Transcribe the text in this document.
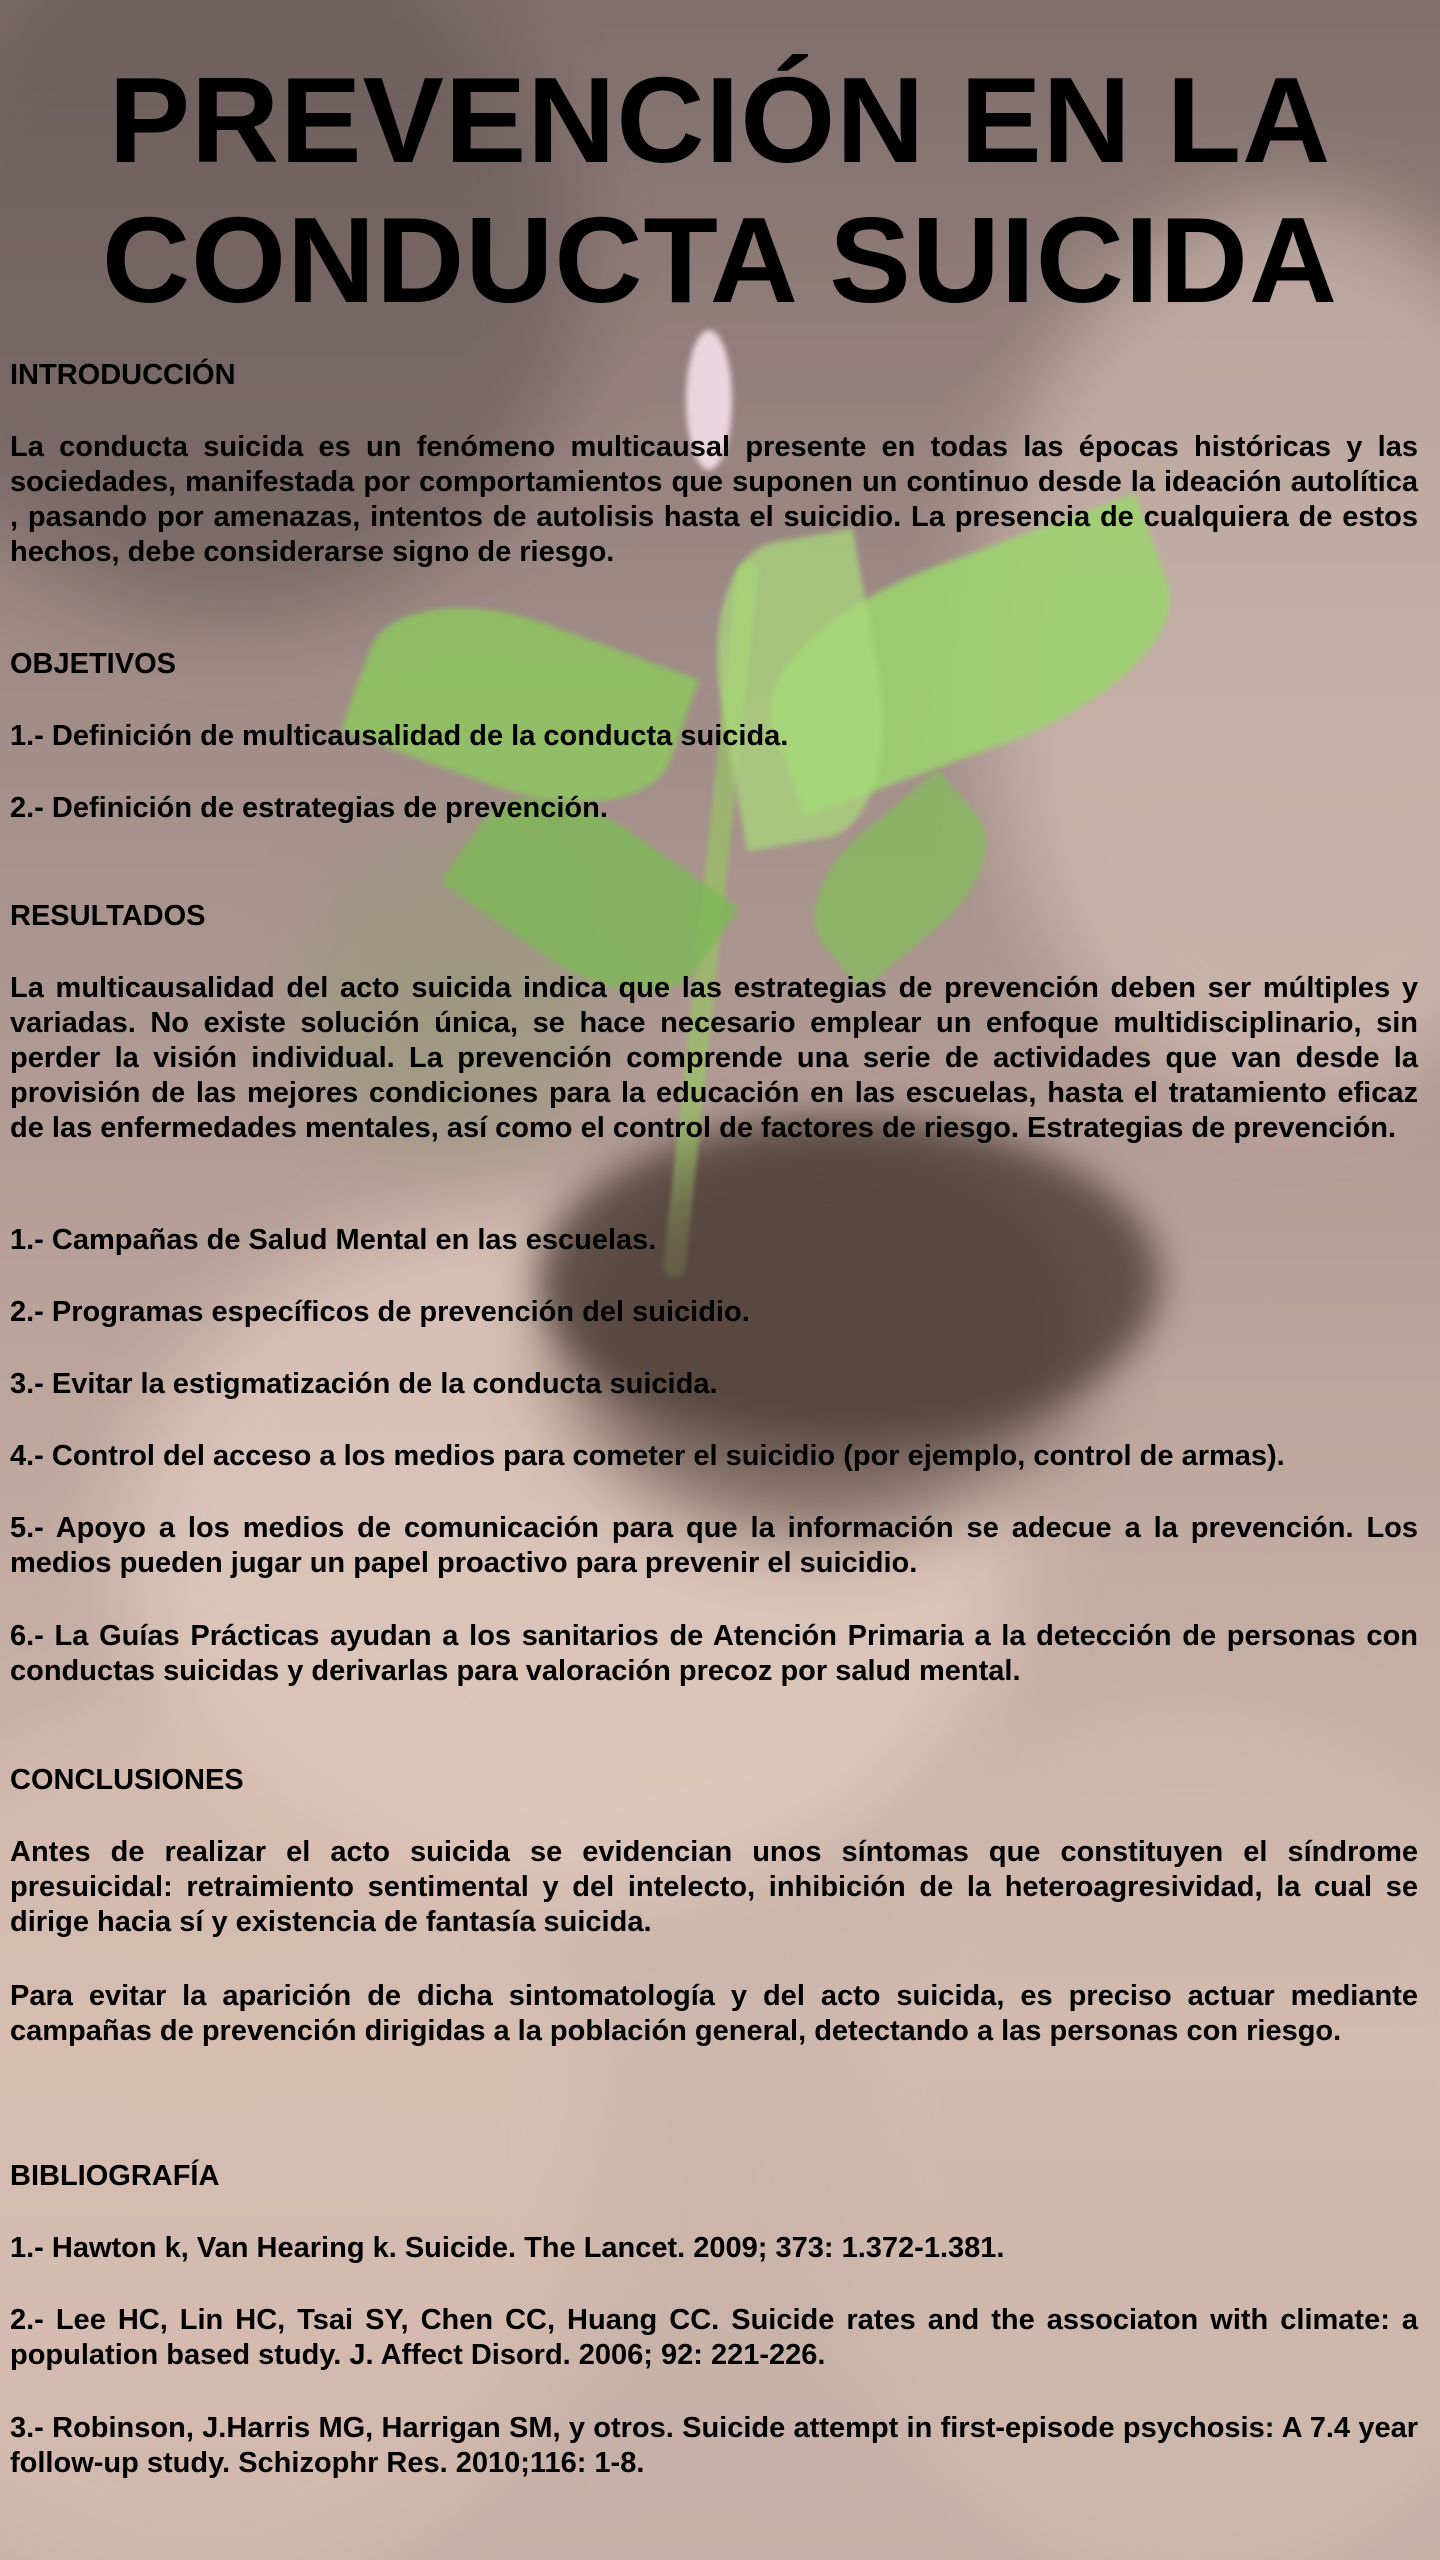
PREVENCIÓN EN LA
CONDUCTA SUICIDA

INTRODUCCIÓN

La conducta suicida es un fenómeno multicausal presente en todas las épocas históricas y las sociedades, manifestada por comportamientos que suponen un continuo desde la ideación autolítica , pasando por amenazas, intentos de autolisis hasta el suicidio. La presencia de cualquiera de estos hechos, debe considerarse signo de riesgo.

OBJETIVOS

1.- Definición de multicausalidad de la conducta suicida.

2.- Definición de estrategias de prevención.

RESULTADOS

La multicausalidad del acto suicida indica que las estrategias de prevención deben ser múltiples y variadas. No existe solución única, se hace necesario emplear un enfoque multidisciplinario, sin perder la visión individual. La prevención comprende una serie de actividades que van desde la provisión de las mejores condiciones para la educación en las escuelas, hasta el tratamiento eficaz de las enfermedades mentales, así como el control de factores de riesgo. Estrategias de prevención.

1.- Campañas de Salud Mental en las escuelas.

2.- Programas específicos de prevención del suicidio.

3.- Evitar la estigmatización de la conducta suicida.

4.- Control del acceso a los medios para cometer el suicidio (por ejemplo, control de armas).

5.- Apoyo a los medios de comunicación para que la información se adecue a la prevención. Los medios pueden jugar un papel proactivo para prevenir el suicidio.

6.- La Guías Prácticas ayudan a los sanitarios de Atención Primaria a la detección de personas con conductas suicidas y derivarlas para valoración precoz por salud mental.

CONCLUSIONES

Antes de realizar el acto suicida se evidencian unos síntomas que constituyen el síndrome presuicidal: retraimiento sentimental y del intelecto, inhibición de la heteroagresividad, la cual se dirige hacia sí y existencia de fantasía suicida.

Para evitar la aparición de dicha sintomatología y del acto suicida, es preciso actuar mediante campañas de prevención dirigidas a la población general, detectando a las personas con riesgo.

BIBLIOGRAFÍA

1.- Hawton k, Van Hearing k. Suicide. The Lancet. 2009; 373: 1.372-1.381.

2.- Lee HC, Lin HC, Tsai SY, Chen CC, Huang CC. Suicide rates and the associaton with climate: a population based study. J. Affect Disord. 2006; 92: 221-226.

3.- Robinson, J.Harris MG, Harrigan SM, y otros. Suicide attempt in first-episode psychosis: A 7.4 year follow-up study. Schizophr Res. 2010;116: 1-8.
